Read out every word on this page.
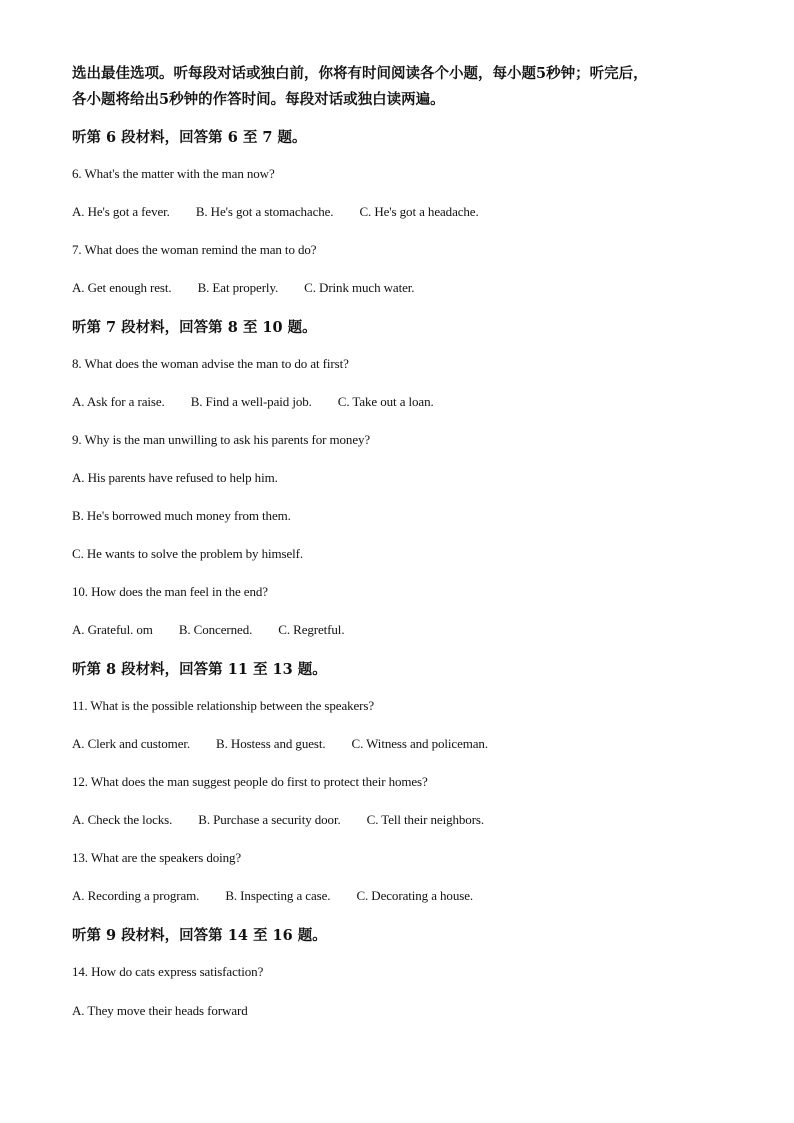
选出最佳选项。听每段对话或独白前，你将有时间阅读各个小题，每小题5秒钟；听完后，

各小题将给出5秒钟的作答时间。每段对话或独白读两遍。

听第 6 段材料，回答第 6 至 7 题。
6. What's the matter with the man now?
A. He's got a fever. B. He's got a stomachache. C. He's got a headache.
7. What does the woman remind the man to do?
A. Get enough rest. B. Eat properly. C. Drink much water.
听第 7 段材料，回答第 8 至 10 题。
8. What does the woman advise the man to do at first?
A. Ask for a raise. B. Find a well-paid job. C. Take out a loan.
9. Why is the man unwilling to ask his parents for money?
A. His parents have refused to help him.
B. He's borrowed much money from them.
C. He wants to solve the problem by himself.
10. How does the man feel in the end?
A. Grateful. om B. Concerned. C. Regretful.
听第 8 段材料，回答第 11 至 13 题。
11. What is the possible relationship between the speakers?
A. Clerk and customer. B. Hostess and guest. C. Witness and policeman.
12. What does the man suggest people do first to protect their homes?
A. Check the locks. B. Purchase a security door. C. Tell their neighbors.
13. What are the speakers doing?
A. Recording a program. B. Inspecting a case. C. Decorating a house.
听第 9 段材料，回答第 14 至 16 题。
14. How do cats express satisfaction?
A. They move their heads forward
